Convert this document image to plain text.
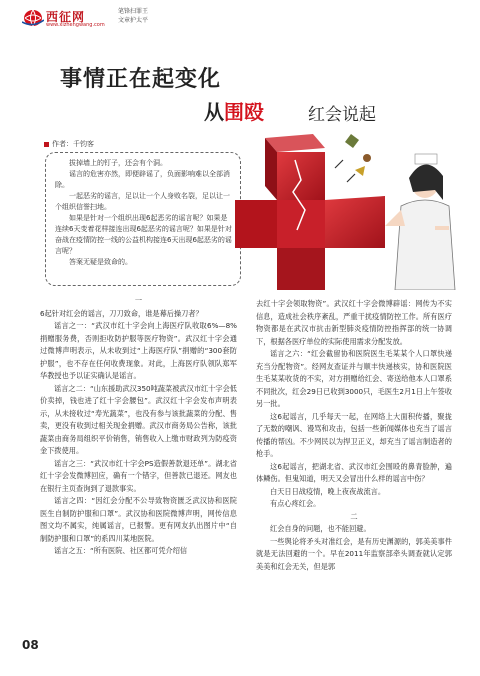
西征网
www.xizhengwang.com
笔锋扫罪王
文章护太平
事情正在起变化
从围殴	红会说起
作者：千钧客

拔掉墙上的钉子，还会有个洞。

谣言的危害亦然，即便辟谣了，负面影响难以全部消除。

一起恶劣的谣言，足以让一个人身败名裂，足以让一个组织信誉扫地。

如果是针对一个组织出现6起恶劣的谣言呢？如果是连续6天变着花样接连出现6起恶劣的谣言呢？如果是针对奋战在疫情防控一线的公益机构接连6天出现6起恶劣的谣言呢？

答案无疑是致命的。

一

6起针对红会的谣言，刀刀致命，谁是幕后操刀者？

谣言之一：“武汉市红十字会向上海医疗队收取6%—8%捐赠服务费，否则拒收防护服等医疗物资”。武汉红十字会通过微博声明表示，从未收到过“上海医疗队”捐赠的“300套防护服”，也不存在任何收费现象。对此，上海医疗队领队郑军华教授也予以证实确认是谣言。

谣言之二：“山东援助武汉350吨蔬菜被武汉市红十字会低价卖掉，钱也进了红十字会腰包”。武汉红十字会发布声明表示，从未接收过“寿光蔬菜”，也没有参与该批蔬菜的分配、售卖，更没有收到过相关现金捐赠。武汉市商务局公告称，该批蔬菜由商务局组织平价销售，销售收入上缴市财政列为防疫资金下拨使用。

谣言之三：“武汉市红十字会PS造假善款退还单”。湖北省红十字会发微博回应，确有一个错字，但善款已退还。网友也在银行主页查询到了退款事实。

谣言之四：“因红会分配不公导致物资匮乏武汉协和医院医生自制防护服和口罩”。武汉协和医院微博声明，网传信息图文均不属实，纯属谣言，已报警。更有网友扒出图片中“自制防护服和口罩”的系四川某地医院。

谣言之五：“所有医院、社区都可凭介绍信

去红十字会领取物资”。武汉红十字会微博辟谣：网传为不实信息，造成社会秩序紊乱，严重干扰疫情防控工作。所有医疗物资都是在武汉市抗击新型肺炎疫情防控指挥部的统一协调下，根据各医疗单位的实际使用需求分配发放。

谣言之六：“红会截留协和医院医生毛某某个人口罩快递充当分配物资”。经网友查证并与顺丰快递核实，协和医院医生毛某某收货的不实，对方捐赠给红会、寄送给他本人口罩系不同批次，红会29日已收到3000只，毛医生2月1日上午签收另一批。

这6起谣言，几乎每天一起，在网络上大面积传播，聚拢了无数的嘲讽、谩骂和攻击，包括一些新闻媒体也充当了谣言传播的帮凶。不少网民以为捍卫正义，却充当了谣言制造者的枪手。

这6起谣言，把湖北省、武汉市红会围殴的鼻青脸肿，遍体鳞伤。但鬼知道，明天又会冒出什么样的谣言中伤？

白天日日战疫情，晚上夜夜战流言。

有点心疼红会。

二

红会自身的问题，也不能回避。

一些舆论将矛头对准红会，是有历史渊源的，郭美美事件就是无法回避的一个。早在2011年监察部牵头调查就认定郭美美和红会无关，但是郭

08
